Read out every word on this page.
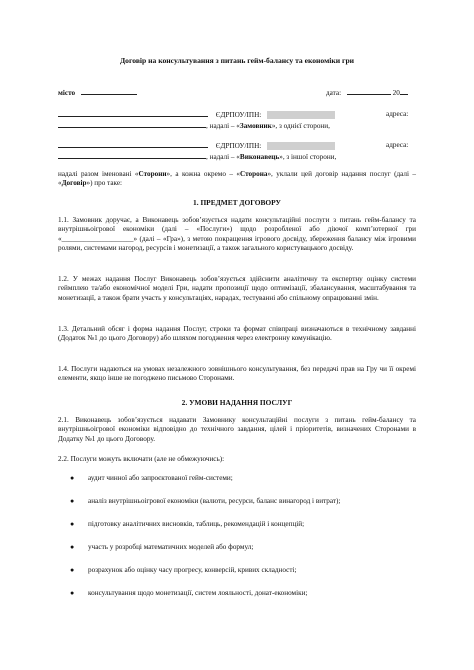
Договір на консультування з питань гейм-балансу та економіки гри
місто	дата:	20
ЄДРПОУ/ІПН:	адреса:
, надалі – «Замовник», з однієї сторони,
ЄДРПОУ/ІПН:	адреса:
, надалі – «Виконавець», з іншої сторони,
надалі разом іменовані «Сторони», а кожна окремо – «Сторона», уклали цей договір надання послуг (далі – «Договір») про таке:
1. ПРЕДМЕТ ДОГОВОРУ
1.1. Замовник доручає, а Виконавець зобов’язується надати консультаційні послуги з питань гейм-балансу та внутрішньоігрової економіки (далі – «Послуги») щодо розробленої або діючої комп’ютерної гри «____________________» (далі – «Гра»), з метою покращення ігрового досвіду, збереження балансу між ігровими ролями, системами нагород, ресурсів і монетизації, а також загального користувацького досвіду.
1.2. У межах надання Послуг Виконавець зобов’язується здійснити аналітичну та експертну оцінку системи геймплею та/або економічної моделі Гри, надати пропозиції щодо оптимізації, збалансування, масштабування та монетизації, а також брати участь у консультаціях, нарадах, тестуванні або спільному опрацюванні змін.
1.3. Детальний обсяг і форма надання Послуг, строки та формат співпраці визначаються в технічному завданні (Додаток №1 до цього Договору) або шляхом погодження через електронну комунікацію.
1.4. Послуги надаються на умовах незалежного зовнішнього консультування, без передачі прав на Гру чи її окремі елементи, якщо інше не погоджено письмово Сторонами.
2. УМОВИ НАДАННЯ ПОСЛУГ
2.1. Виконавець зобов’язується надавати Замовнику консультаційні послуги з питань гейм-балансу та внутрішньоігрової економіки відповідно до технічного завдання, цілей і пріоритетів, визначених Сторонами в Додатку №1 до цього Договору.
2.2. Послуги можуть включати (але не обмежуючись):
● аудит чинної або запроєктованої гейм-системи;
● аналіз внутрішньоігрової економіки (валюти, ресурси, баланс винагород і витрат);
● підготовку аналітичних висновків, таблиць, рекомендацій і концепцій;
● участь у розробці математичних моделей або формул;
● розрахунок або оцінку часу прогресу, конверсій, кривих складності;
● консультування щодо монетизації, систем лояльності, донат-економіки;
